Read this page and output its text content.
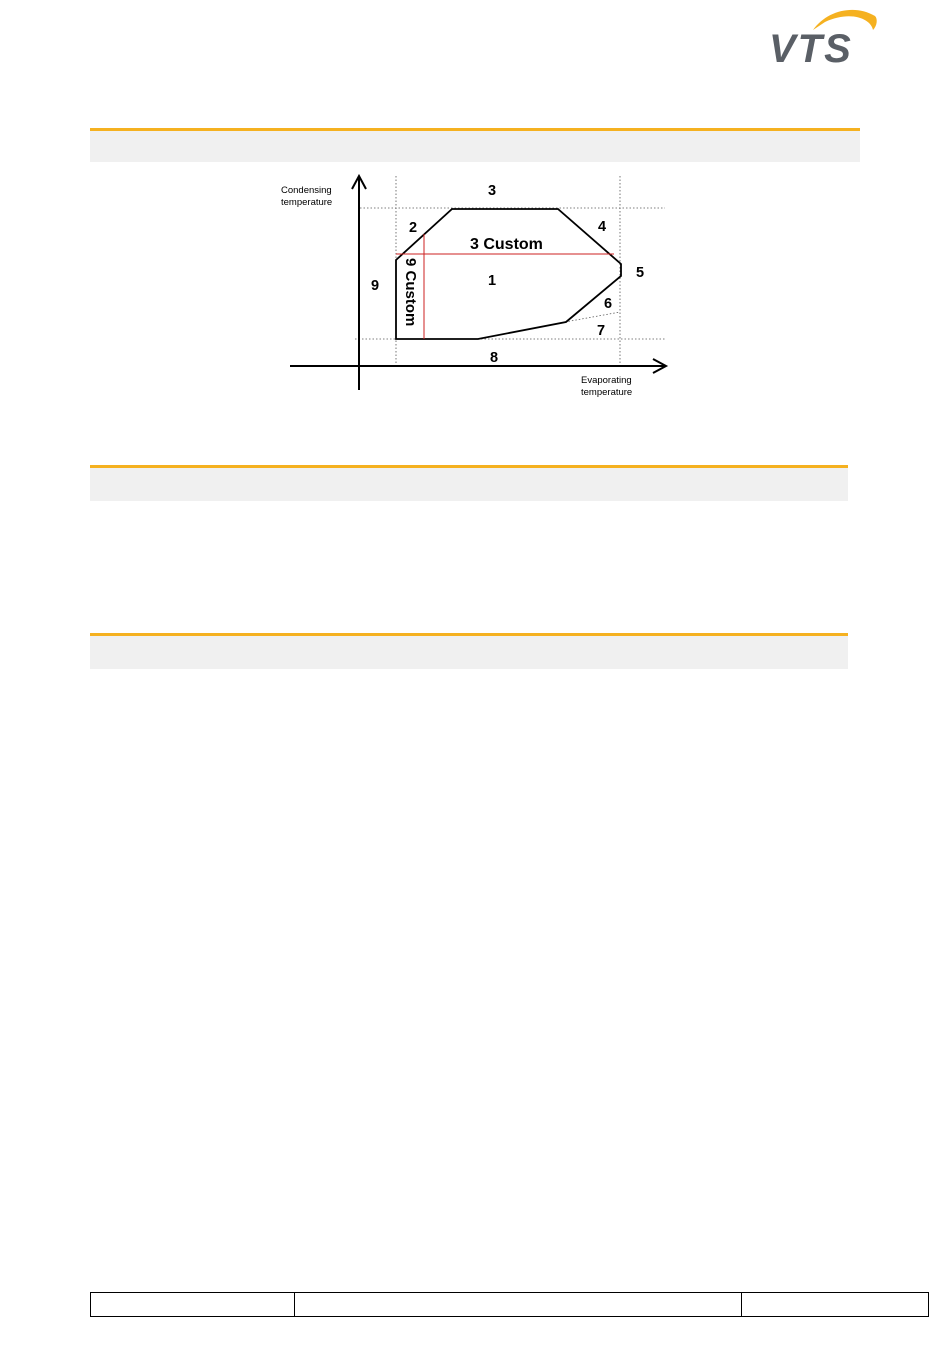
VTS
Condensing
temperature
Evaporating
temperature
3
2	4
5
1
9
6
7
8
3 Custom
9 Custom
